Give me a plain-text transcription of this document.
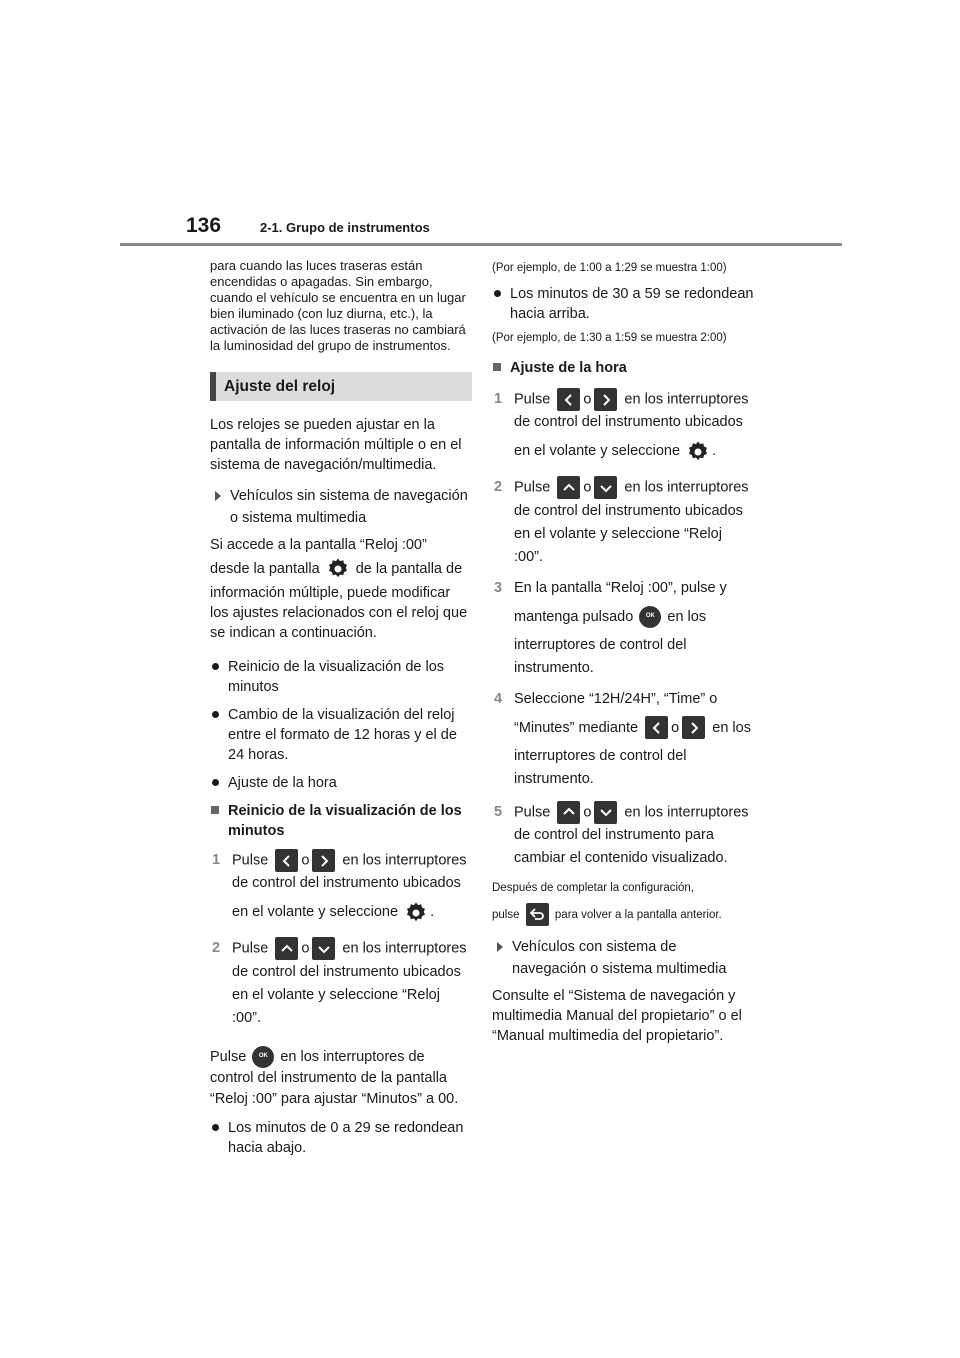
136	2-1. Grupo de instrumentos

para cuando las luces traseras están encendidas o apagadas. Sin embargo, cuando el vehículo se encuentra en un lugar bien iluminado (con luz diurna, etc.), la activación de las luces traseras no cambiará la luminosidad del grupo de instrumentos.

Ajuste del reloj

Los relojes se pueden ajustar en la pantalla de información múltiple o en el sistema de navegación/multimedia.

Vehículos sin sistema de navegación o sistema multimedia

Si accede a la pantalla “Reloj :00”
desde la pantalla de la pantalla de información múltiple, puede modificar los ajustes relacionados con el reloj que se indican a continuación.

Reinicio de la visualización de los minutos
Cambio de la visualización del reloj entre el formato de 12 horas y el de 24 horas.
Ajuste de la hora
Reinicio de la visualización de los minutos
1 Pulse o en los interruptores de control del instrumento ubicados
en el volante y seleccione .
2 Pulse o en los interruptores de control del instrumento ubicados en el volante y seleccione “Reloj :00”.

Pulse OK en los interruptores de control del instrumento de la pantalla “Reloj :00” para ajustar “Minutos” a 00.

Los minutos de 0 a 29 se redondean hacia abajo.

(Por ejemplo, de 1:00 a 1:29 se muestra 1:00)

Los minutos de 30 a 59 se redondean hacia arriba.

(Por ejemplo, de 1:30 a 1:59 se muestra 2:00)

Ajuste de la hora
1 Pulse o en los interruptores de control del instrumento ubicados
en el volante y seleccione .
2 Pulse o en los interruptores de control del instrumento ubicados en el volante y seleccione “Reloj :00”.
3 En la pantalla “Reloj :00”, pulse y
mantenga pulsado OK en los interruptores de control del instrumento.
4 Seleccione “12H/24H”, “Time” o
“Minutes” mediante o en los
interruptores de control del instrumento.
5 Pulse o en los interruptores de control del instrumento para cambiar el contenido visualizado.

Después de completar la configuración,

pulse	para volver a la pantalla anterior.

Vehículos con sistema de navegación o sistema multimedia

Consulte el “Sistema de navegación y multimedia Manual del propietario” o el “Manual multimedia del propietario”.
